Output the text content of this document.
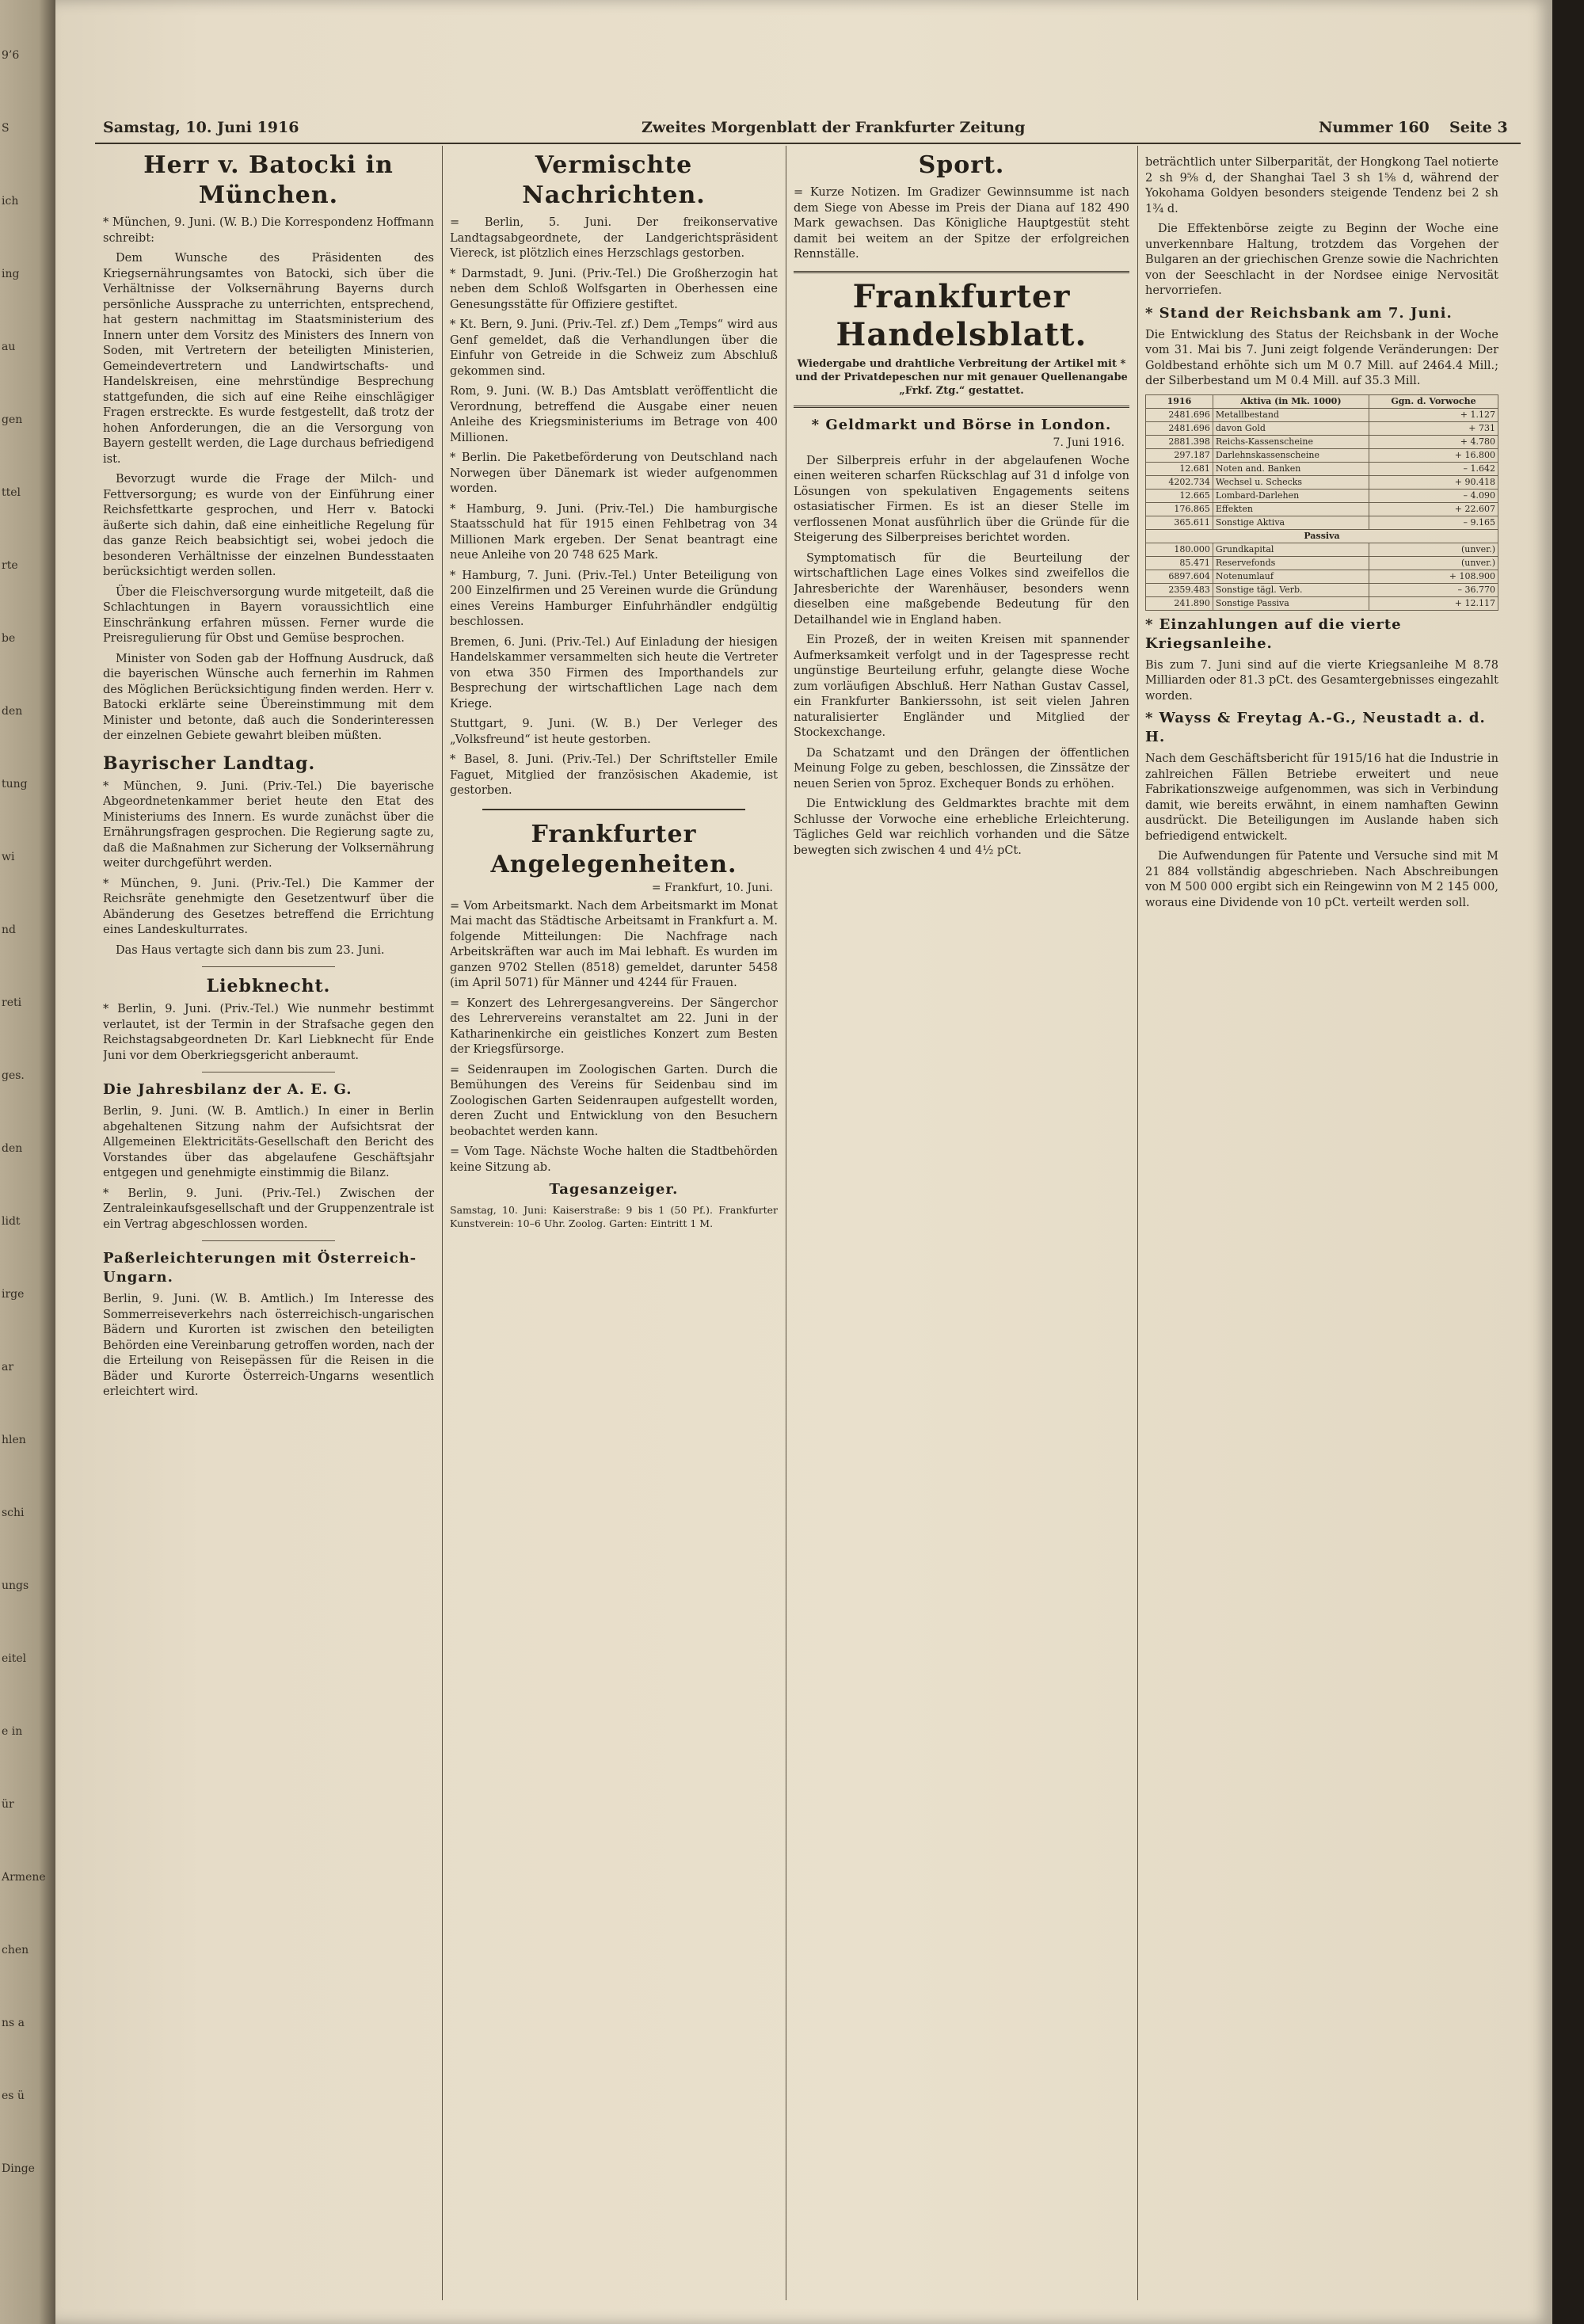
9’6
S
ich
ing
au
gen
ttel
rte
be
den
tung
wi
nd
reti
ges.
den
lidt
irge
ar
hlen
schi
ungs
eitel
e in
ür
Armene
chen
ns a
es ü
Dinge
Samstag, 10. Juni 1916	Zweites Morgenblatt der Frankfurter Zeitung	Nummer 160 Seite 3

Herr v. Batocki in München.

* München, 9. Juni. (W. B.) Die Korrespondenz Hoffmann schreibt:

Dem Wunsche des Präsidenten des Kriegsernährungsamtes von Batocki, sich über die Verhältnisse der Volksernährung Bayerns durch persönliche Aussprache zu unterrichten, entsprechend, hat gestern nachmittag im Staatsministerium des Innern unter dem Vorsitz des Ministers des Innern von Soden, mit Vertretern der beteiligten Ministerien, Gemeindevertretern und Landwirtschafts- und Handelskreisen, eine mehrstündige Besprechung stattgefunden, die sich auf eine Reihe einschlägiger Fragen erstreckte. Es wurde festgestellt, daß trotz der hohen Anforderungen, die an die Versorgung von Bayern gestellt werden, die Lage durchaus befriedigend ist.

Bevorzugt wurde die Frage der Milch- und Fettversorgung; es wurde von der Einführung einer Reichsfettkarte gesprochen, und Herr v. Batocki äußerte sich dahin, daß eine einheitliche Regelung für das ganze Reich beabsichtigt sei, wobei jedoch die besonderen Verhältnisse der einzelnen Bundesstaaten berücksichtigt werden sollen.

Über die Fleischversorgung wurde mitgeteilt, daß die Schlachtungen in Bayern voraussichtlich eine Einschränkung erfahren müssen. Ferner wurde die Preisregulierung für Obst und Gemüse besprochen.

Minister von Soden gab der Hoffnung Ausdruck, daß die bayerischen Wünsche auch fernerhin im Rahmen des Möglichen Berücksichtigung finden werden. Herr v. Batocki erklärte seine Übereinstimmung mit dem Minister und betonte, daß auch die Sonderinteressen der einzelnen Gebiete gewahrt bleiben müßten.

Bayrischer Landtag.

* München, 9. Juni. (Priv.-Tel.) Die bayerische Abgeordnetenkammer beriet heute den Etat des Ministeriums des Innern. Es wurde zunächst über die Ernährungsfragen gesprochen. Die Regierung sagte zu, daß die Maßnahmen zur Sicherung der Volksernährung weiter durchgeführt werden.

* München, 9. Juni. (Priv.-Tel.) Die Kammer der Reichsräte genehmigte den Gesetzentwurf über die Abänderung des Gesetzes betreffend die Errichtung eines Landeskulturrates.

Das Haus vertagte sich dann bis zum 23. Juni.

Liebknecht.

* Berlin, 9. Juni. (Priv.-Tel.) Wie nunmehr bestimmt verlautet, ist der Termin in der Strafsache gegen den Reichstagsabgeordneten Dr. Karl Liebknecht für Ende Juni vor dem Oberkriegsgericht anberaumt.

Die Jahresbilanz der A. E. G.

Berlin, 9. Juni. (W. B. Amtlich.) In einer in Berlin abgehaltenen Sitzung nahm der Aufsichtsrat der Allgemeinen Elektricitäts-Gesellschaft den Bericht des Vorstandes über das abgelaufene Geschäftsjahr entgegen und genehmigte einstimmig die Bilanz.

* Berlin, 9. Juni. (Priv.-Tel.) Zwischen der Zentraleinkaufsgesellschaft und der Gruppenzentrale ist ein Vertrag abgeschlossen worden.

Paßerleichterungen mit Österreich-Ungarn.

Berlin, 9. Juni. (W. B. Amtlich.) Im Interesse des Sommerreiseverkehrs nach österreichisch-ungarischen Bädern und Kurorten ist zwischen den beteiligten Behörden eine Vereinbarung getroffen worden, nach der die Erteilung von Reisepässen für die Reisen in die Bäder und Kurorte Österreich-Ungarns wesentlich erleichtert wird.

Vermischte Nachrichten.

= Berlin, 5. Juni. Der freikonservative Landtagsabgeordnete, der Landgerichtspräsident Viereck, ist plötzlich eines Herzschlags gestorben.

* Darmstadt, 9. Juni. (Priv.-Tel.) Die Großherzogin hat neben dem Schloß Wolfsgarten in Oberhessen eine Genesungsstätte für Offiziere gestiftet.

* Kt. Bern, 9. Juni. (Priv.-Tel. zf.) Dem „Temps“ wird aus Genf gemeldet, daß die Verhandlungen über die Einfuhr von Getreide in die Schweiz zum Abschluß gekommen sind.

Rom, 9. Juni. (W. B.) Das Amtsblatt veröffentlicht die Verordnung, betreffend die Ausgabe einer neuen Anleihe des Kriegsministeriums im Betrage von 400 Millionen.

* Berlin. Die Paketbeförderung von Deutschland nach Norwegen über Dänemark ist wieder aufgenommen worden.

* Hamburg, 9. Juni. (Priv.-Tel.) Die hamburgische Staatsschuld hat für 1915 einen Fehlbetrag von 34 Millionen Mark ergeben. Der Senat beantragt eine neue Anleihe von 20 748 625 Mark.

* Hamburg, 7. Juni. (Priv.-Tel.) Unter Beteiligung von 200 Einzelfirmen und 25 Vereinen wurde die Gründung eines Vereins Hamburger Einfuhrhändler endgültig beschlossen.

Bremen, 6. Juni. (Priv.-Tel.) Auf Einladung der hiesigen Handelskammer versammelten sich heute die Vertreter von etwa 350 Firmen des Importhandels zur Besprechung der wirtschaftlichen Lage nach dem Kriege.

Stuttgart, 9. Juni. (W. B.) Der Verleger des „Volksfreund“ ist heute gestorben.

* Basel, 8. Juni. (Priv.-Tel.) Der Schriftsteller Emile Faguet, Mitglied der französischen Akademie, ist gestorben.

Frankfurter Angelegenheiten.

= Frankfurt, 10. Juni.

= Vom Arbeitsmarkt. Nach dem Arbeitsmarkt im Monat Mai macht das Städtische Arbeitsamt in Frankfurt a. M. folgende Mitteilungen: Die Nachfrage nach Arbeitskräften war auch im Mai lebhaft. Es wurden im ganzen 9702 Stellen (8518) gemeldet, darunter 5458 (im April 5071) für Männer und 4244 für Frauen.

= Konzert des Lehrergesangvereins. Der Sängerchor des Lehrervereins veranstaltet am 22. Juni in der Katharinenkirche ein geistliches Konzert zum Besten der Kriegsfürsorge.

= Seidenraupen im Zoologischen Garten. Durch die Bemühungen des Vereins für Seidenbau sind im Zoologischen Garten Seidenraupen aufgestellt worden, deren Zucht und Entwicklung von den Besuchern beobachtet werden kann.

= Vom Tage. Nächste Woche halten die Stadtbehörden keine Sitzung ab.

Tagesanzeiger.

Samstag, 10. Juni: Kaiserstraße: 9 bis 1 (50 Pf.). Frankfurter Kunstverein: 10–6 Uhr. Zoolog. Garten: Eintritt 1 M.

Sport.

= Kurze Notizen. Im Gradizer Gewinnsumme ist nach dem Siege von Abesse im Preis der Diana auf 182 490 Mark gewachsen. Das Königliche Hauptgestüt steht damit bei weitem an der Spitze der erfolgreichen Rennställe.

Frankfurter Handelsblatt.

Wiedergabe und drahtliche Verbreitung der Artikel mit * und der Privatdepeschen nur mit genauer Quellenangabe „Frkf. Ztg.“ gestattet.

* Geldmarkt und Börse in London.

7. Juni 1916.

Der Silberpreis erfuhr in der abgelaufenen Woche einen weiteren scharfen Rückschlag auf 31 d infolge von Lösungen von spekulativen Engagements seitens ostasiatischer Firmen. Es ist an dieser Stelle im verflossenen Monat ausführlich über die Gründe für die Steigerung des Silberpreises berichtet worden.

Symptomatisch für die Beurteilung der wirtschaftlichen Lage eines Volkes sind zweifellos die Jahresberichte der Warenhäuser, besonders wenn dieselben eine maßgebende Bedeutung für den Detailhandel wie in England haben.

Ein Prozeß, der in weiten Kreisen mit spannender Aufmerksamkeit verfolgt und in der Tagespresse recht ungünstige Beurteilung erfuhr, gelangte diese Woche zum vorläufigen Abschluß. Herr Nathan Gustav Cassel, ein Frankfurter Bankierssohn, ist seit vielen Jahren naturalisierter Engländer und Mitglied der Stockexchange.

Da Schatzamt und den Drängen der öffentlichen Meinung Folge zu geben, beschlossen, die Zinssätze der neuen Serien von 5proz. Exchequer Bonds zu erhöhen.

Die Entwicklung des Geldmarktes brachte mit dem Schlusse der Vorwoche eine erhebliche Erleichterung. Tägliches Geld war reichlich vorhanden und die Sätze bewegten sich zwischen 4 und 4½ pCt.

beträchtlich unter Silberparität, der Hongkong Tael notierte 2 sh 9⅝ d, der Shanghai Tael 3 sh 1⅝ d, während der Yokohama Goldyen besonders steigende Tendenz bei 2 sh 1¾ d.

Die Effektenbörse zeigte zu Beginn der Woche eine unverkennbare Haltung, trotzdem das Vorgehen der Bulgaren an der griechischen Grenze sowie die Nachrichten von der Seeschlacht in der Nordsee einige Nervosität hervorriefen.

* Stand der Reichsbank am 7. Juni.

Die Entwicklung des Status der Reichsbank in der Woche vom 31. Mai bis 7. Juni zeigt folgende Veränderungen: Der Goldbestand erhöhte sich um M 0.7 Mill. auf 2464.4 Mill.; der Silberbestand um M 0.4 Mill. auf 35.3 Mill.

1916	Aktiva (in Mk. 1000)	Ggn. d. Vorwoche
2481.696	Metallbestand	+ 1.127
2481.696	davon Gold	+ 731
2881.398	Reichs-Kassenscheine	+ 4.780
297.187	Darlehnskassenscheine	+ 16.800
12.681	Noten and. Banken	– 1.642
4202.734	Wechsel u. Schecks	+ 90.418
12.665	Lombard-Darlehen	– 4.090
176.865	Effekten	+ 22.607
365.611	Sonstige Aktiva	– 9.165
Passiva		
180.000	Grundkapital	(unver.)
85.471	Reservefonds	(unver.)
6897.604	Notenumlauf	+ 108.900
2359.483	Sonstige tägl. Verb.	– 36.770
241.890	Sonstige Passiva	+ 12.117

* Einzahlungen auf die vierte Kriegsanleihe.

Bis zum 7. Juni sind auf die vierte Kriegsanleihe M 8.78 Milliarden oder 81.3 pCt. des Gesamtergebnisses eingezahlt worden.

* Wayss & Freytag A.-G., Neustadt a. d. H.

Nach dem Geschäftsbericht für 1915/16 hat die Industrie in zahlreichen Fällen Betriebe erweitert und neue Fabrikationszweige aufgenommen, was sich in Verbindung damit, wie bereits erwähnt, in einem namhaften Gewinn ausdrückt. Die Beteiligungen im Auslande haben sich befriedigend entwickelt.

Die Aufwendungen für Patente und Versuche sind mit M 21 884 vollständig abgeschrieben. Nach Abschreibungen von M 500 000 ergibt sich ein Reingewinn von M 2 145 000, woraus eine Dividende von 10 pCt. verteilt werden soll.
